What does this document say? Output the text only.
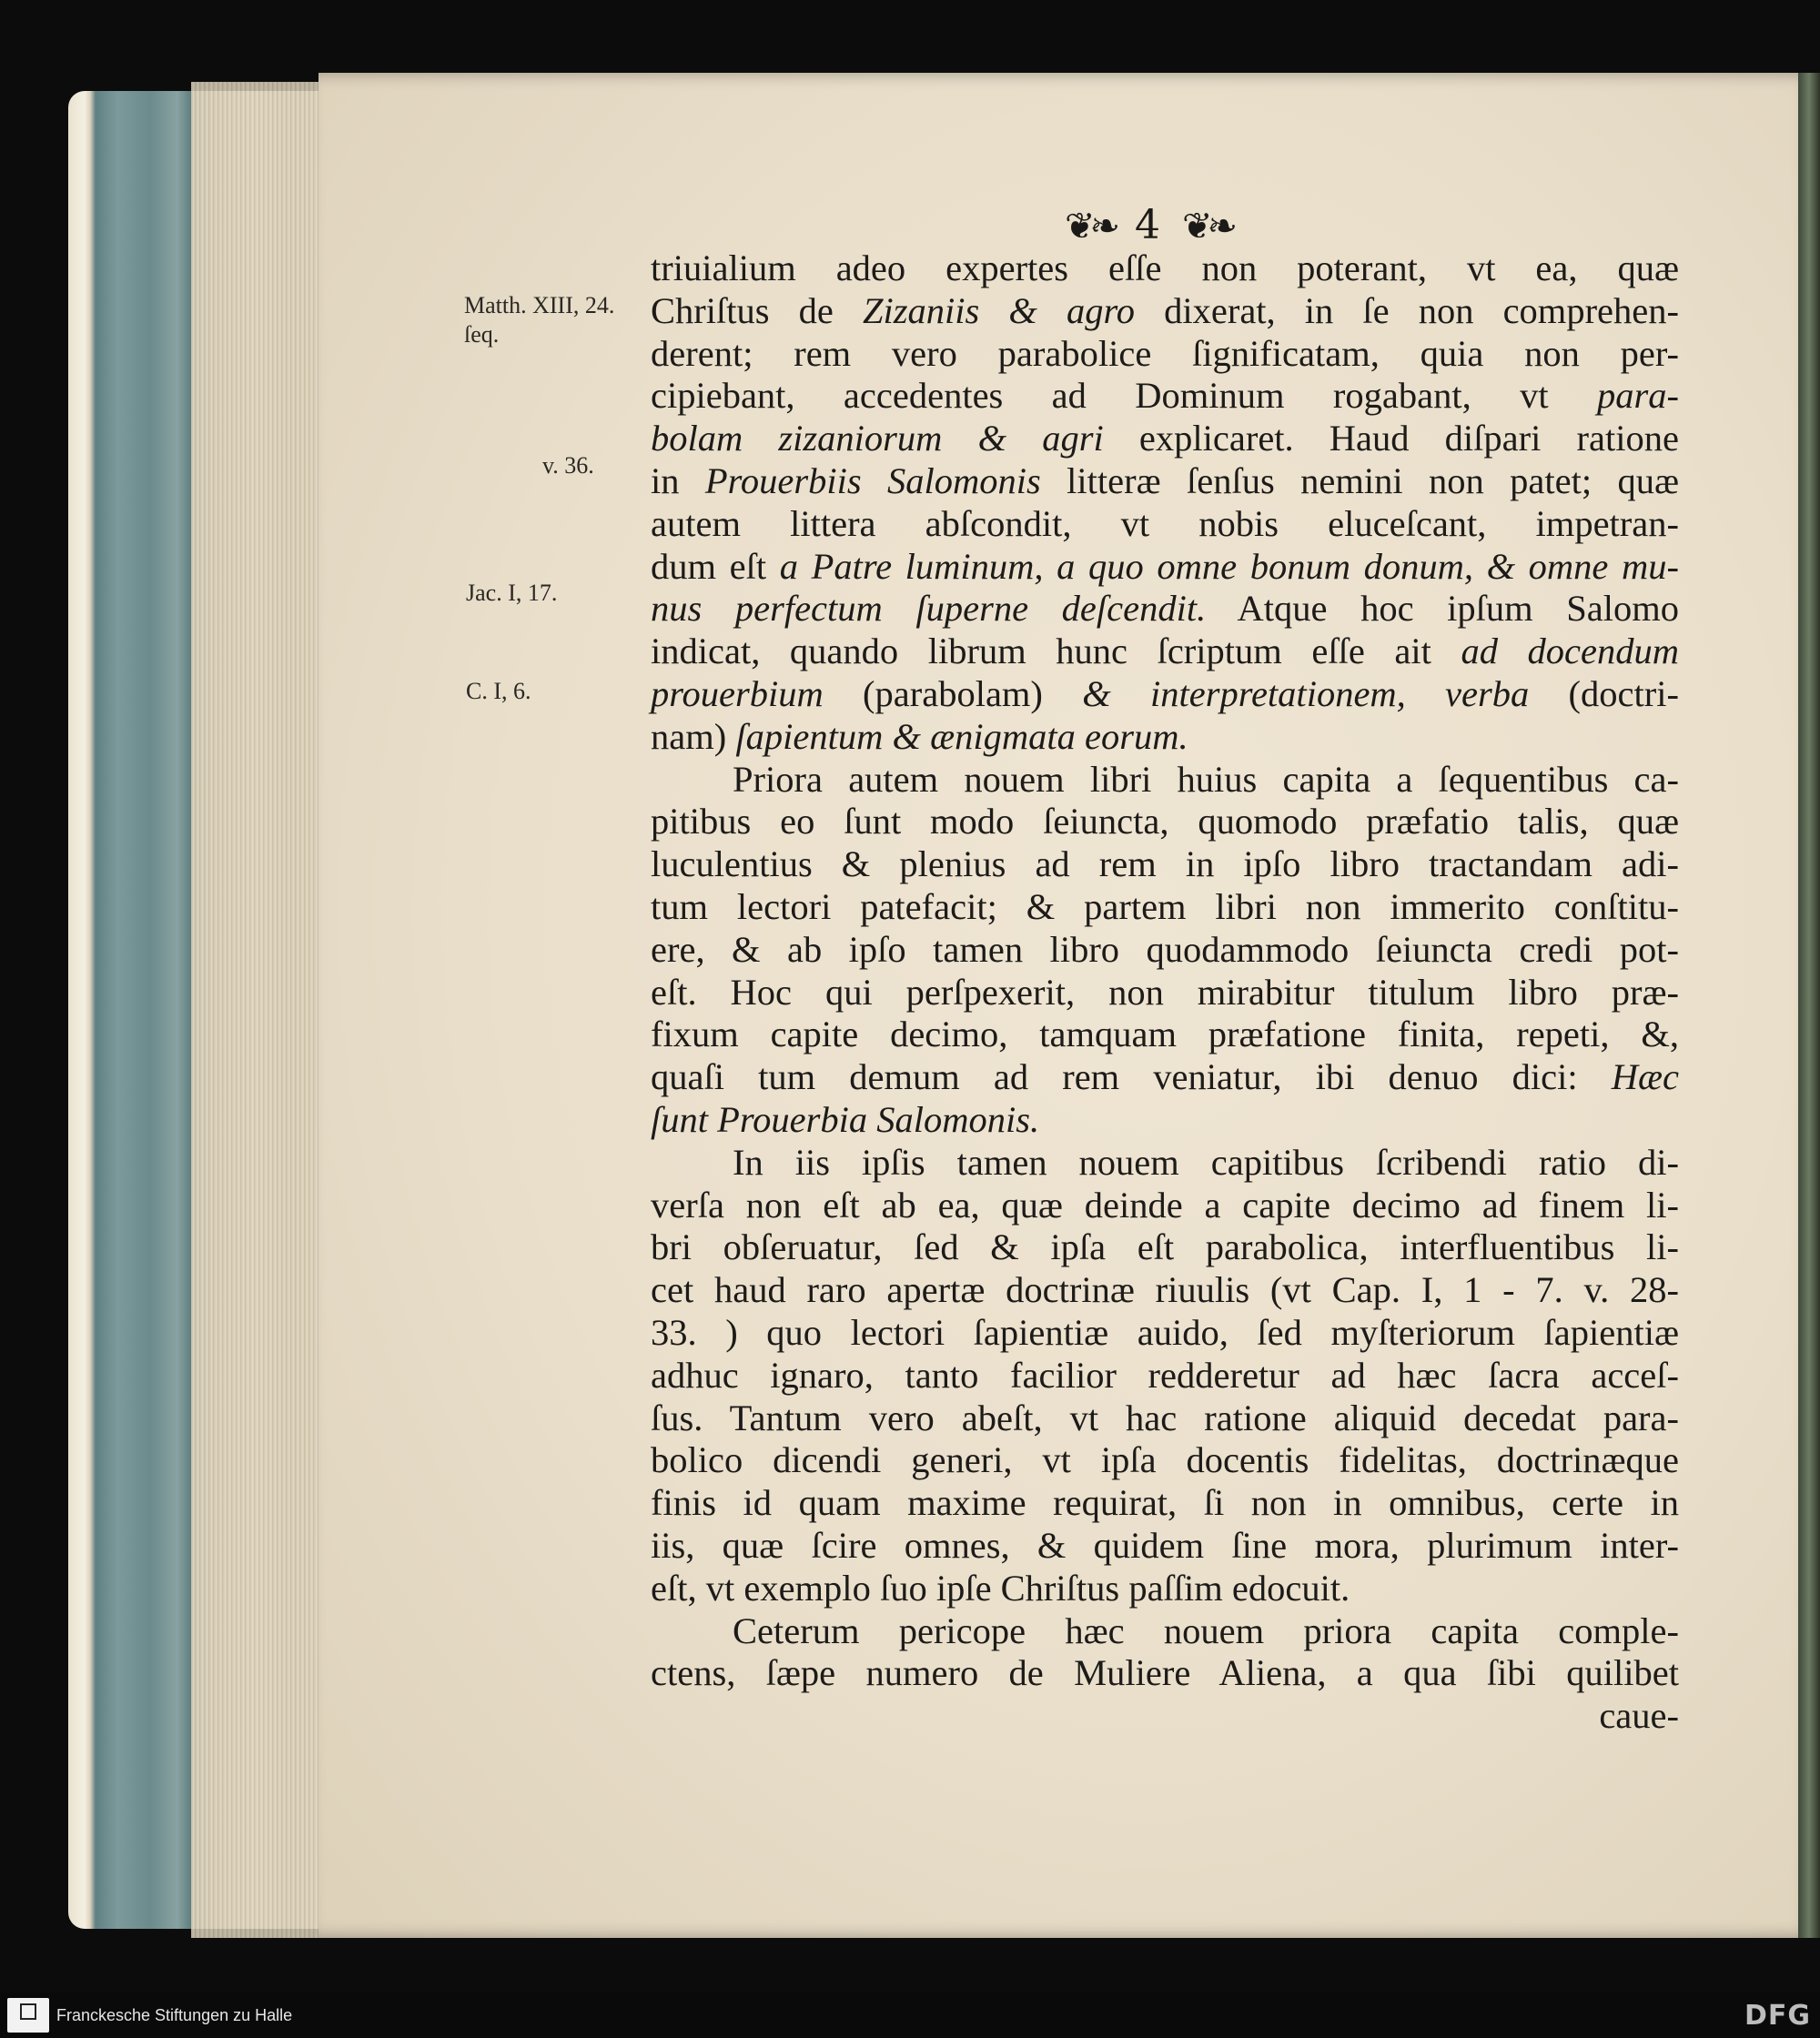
❦❧ 4 ❦❧
Matth. XIII, 24. ſeq.
v. 36.
Jac. I, 17.
C. I, 6.
triuialium adeo expertes eſſe non poterant, vt ea, quæ
Chriſtus de Zizaniis & agro dixerat, in ſe non comprehen-
derent; rem vero parabolice ſignificatam, quia non per-
cipiebant, accedentes ad Dominum rogabant, vt para-
bolam zizaniorum & agri explicaret. Haud diſpari ratione
in Prouerbiis Salomonis litteræ ſenſus nemini non patet; quæ
autem littera abſcondit, vt nobis eluceſcant, impetran-
dum eſt a Patre luminum, a quo omne bonum donum, & omne mu-
nus perfectum ſuperne deſcendit. Atque hoc ipſum Salomo
indicat, quando librum hunc ſcriptum eſſe ait ad docendum
prouerbium (parabolam) & interpretationem, verba (doctri-
nam) ſapientum & ænigmata eorum.
Priora autem nouem libri huius capita a ſequentibus ca-
pitibus eo ſunt modo ſeiuncta, quomodo præfatio talis, quæ
luculentius & plenius ad rem in ipſo libro tractandam adi-
tum lectori patefacit; & partem libri non immerito conſtitu-
ere, & ab ipſo tamen libro quodammodo ſeiuncta credi pot-
eſt. Hoc qui perſpexerit, non mirabitur titulum libro præ-
fixum capite decimo, tamquam præfatione finita, repeti, &,
quaſi tum demum ad rem veniatur, ibi denuo dici: Hæc
ſunt Prouerbia Salomonis.
In iis ipſis tamen nouem capitibus ſcribendi ratio di-
verſa non eſt ab ea, quæ deinde a capite decimo ad finem li-
bri obſeruatur, ſed & ipſa eſt parabolica, interfluentibus li-
cet haud raro apertæ doctrinæ riuulis (vt Cap. I, 1 - 7. v. 28-
33. ) quo lectori ſapientiæ auido, ſed myſteriorum ſapientiæ
adhuc ignaro, tanto facilior redderetur ad hæc ſacra acceſ-
ſus. Tantum vero abeſt, vt hac ratione aliquid decedat para-
bolico dicendi generi, vt ipſa docentis fidelitas, doctrinæque
finis id quam maxime requirat, ſi non in omnibus, certe in
iis, quæ ſcire omnes, & quidem ſine mora, plurimum inter-
eſt, vt exemplo ſuo ipſe Chriſtus paſſim edocuit.
Ceterum pericope hæc nouem priora capita comple-
ctens, ſæpe numero de Muliere Aliena, a qua ſibi quilibet
caue-
Franckesche Stiftungen zu Halle	DFG
